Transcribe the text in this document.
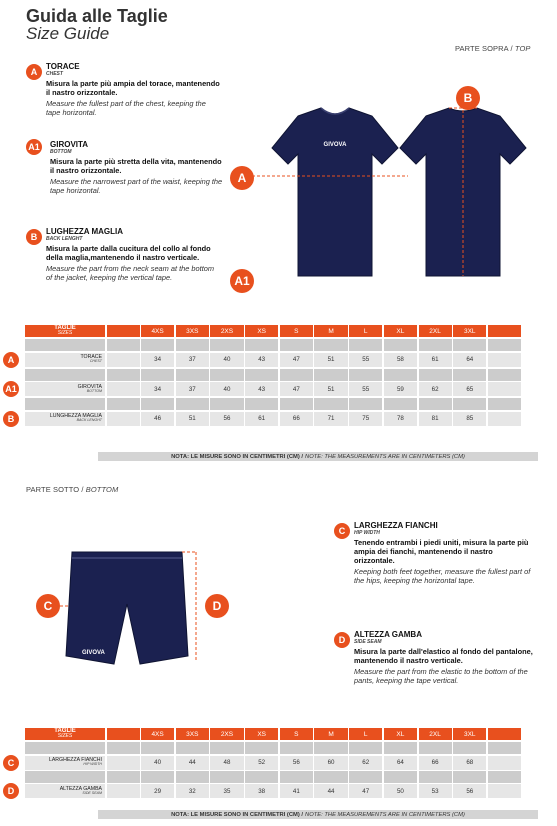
Guida alle Taglie
Size Guide
PARTE SOPRA / TOP
A
TORACE
CHEST
Misura la parte più ampia del torace, mantenendo il nastro orizzontale.
Measure the fullest part of the chest, keeping the tape horizontal.
A1 GIROVITA
BOTTOM
Misura la parte più stretta della vita, mantenendo il nastro orizzontale.
Measure the narrowest part of the waist, keeping the tape horizontal.
B
LUGHEZZA MAGLIA
BACK LENGHT
Misura la parte dalla cucitura del collo al fondo della maglia,mantenendo il nastro verticale.
Measure the part from the neck seam at the bottom of the jacket, keeping the vertical tape.
GIVOVA
A
A1
B
TAGLIE
SIZES	4XS	3XS	2XS	XS	S	M	L	XL	2XL	3XL
TORACE
CHEST	34	37	40	43	47	51	55	58	61	64
A
GIROVITA
BOTTOM	34	37	40	43	47	51	55	59	62	65
A1
LUNGHEZZA MAGLIA
BACK LENGHT	46	51	56	61	66	71	75	78	81	85
B
NOTA: LE MISURE SONO IN CENTIMETRI (CM) / NOTE: THE MEASUREMENTS ARE IN CENTIMETERS (CM)
PARTE SOTTO / BOTTOM
GIVOVA
C	D
C
LARGHEZZA FIANCHI
HIP WIDTH
Tenendo entrambi i piedi uniti, misura la parte più ampia dei fianchi, mantenendo il nastro orizzontale.
Keeping both feet together, measure the fullest part of the hips, keeping the horizontal tape.
D
ALTEZZA GAMBA
SIDE SEAM
Misura la parte dall'elastico al fondo del pantalone, mantenendo il nastro verticale.
Measure the part from the elastic to the bottom of the pants, keeping the tape vertical.
TAGLIE
SIZES	4XS	3XS	2XS	XS	S	M	L	XL	2XL	3XL
LARGHEZZA FIANCHI
HIP WIDTH	40	44	48	52	56	60	62	64	66	68
C
ALTEZZA GAMBA
SIDE SEAM	29	32	35	38	41	44	47	50	53	56
D
NOTA: LE MISURE SONO IN CENTIMETRI (CM) / NOTE: THE MEASUREMENTS ARE IN CENTIMETERS (CM)
